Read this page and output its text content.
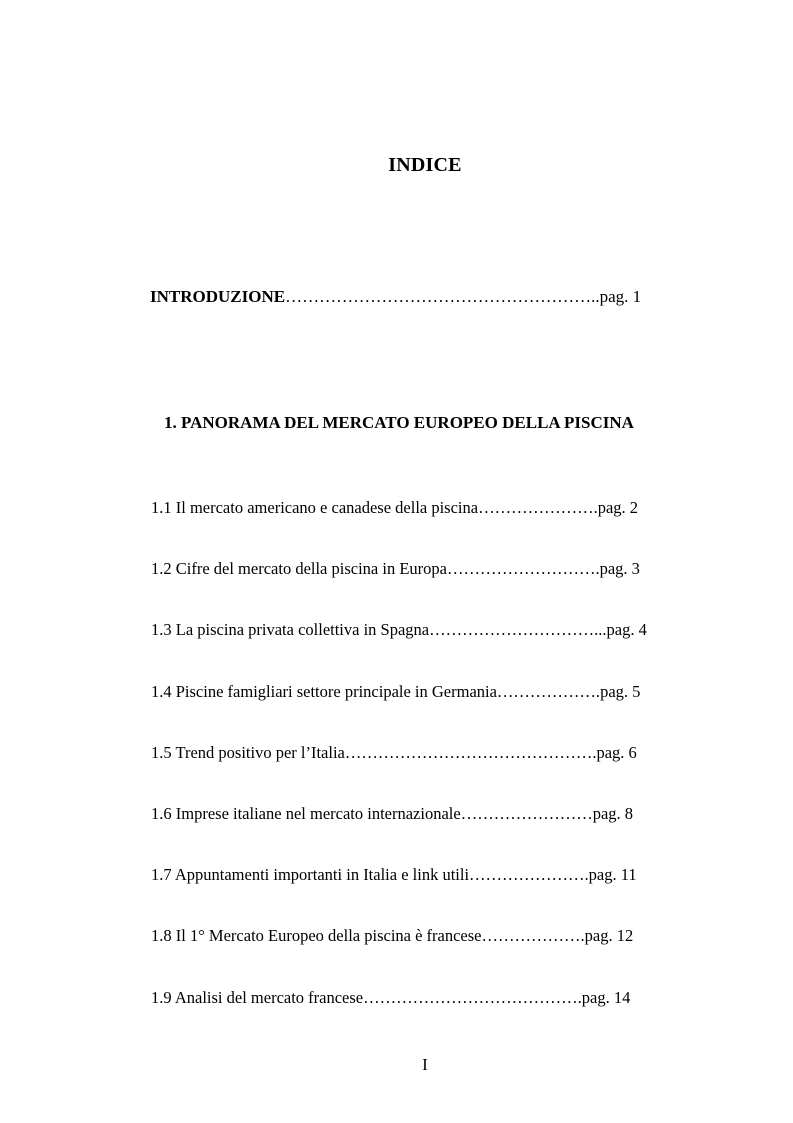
INDICE
INTRODUZIONE………………………………………………..pag. 1
1. PANORAMA DEL MERCATO EUROPEO DELLA PISCINA
1.1 Il mercato americano e canadese della piscina………………….pag. 2
1.2 Cifre del mercato della piscina in Europa……………………….pag. 3
1.3 La piscina privata collettiva in Spagna…………………………...pag. 4
1.4 Piscine famigliari settore principale in Germania……………….pag. 5
1.5 Trend positivo per l’Italia……………………………………….pag. 6
1.6 Imprese italiane nel mercato internazionale……………………pag. 8
1.7 Appuntamenti importanti in Italia e link utili………………….pag. 11
1.8 Il 1° Mercato Europeo della piscina è francese……………….pag. 12
1.9 Analisi del mercato francese………………………………….pag. 14
I
